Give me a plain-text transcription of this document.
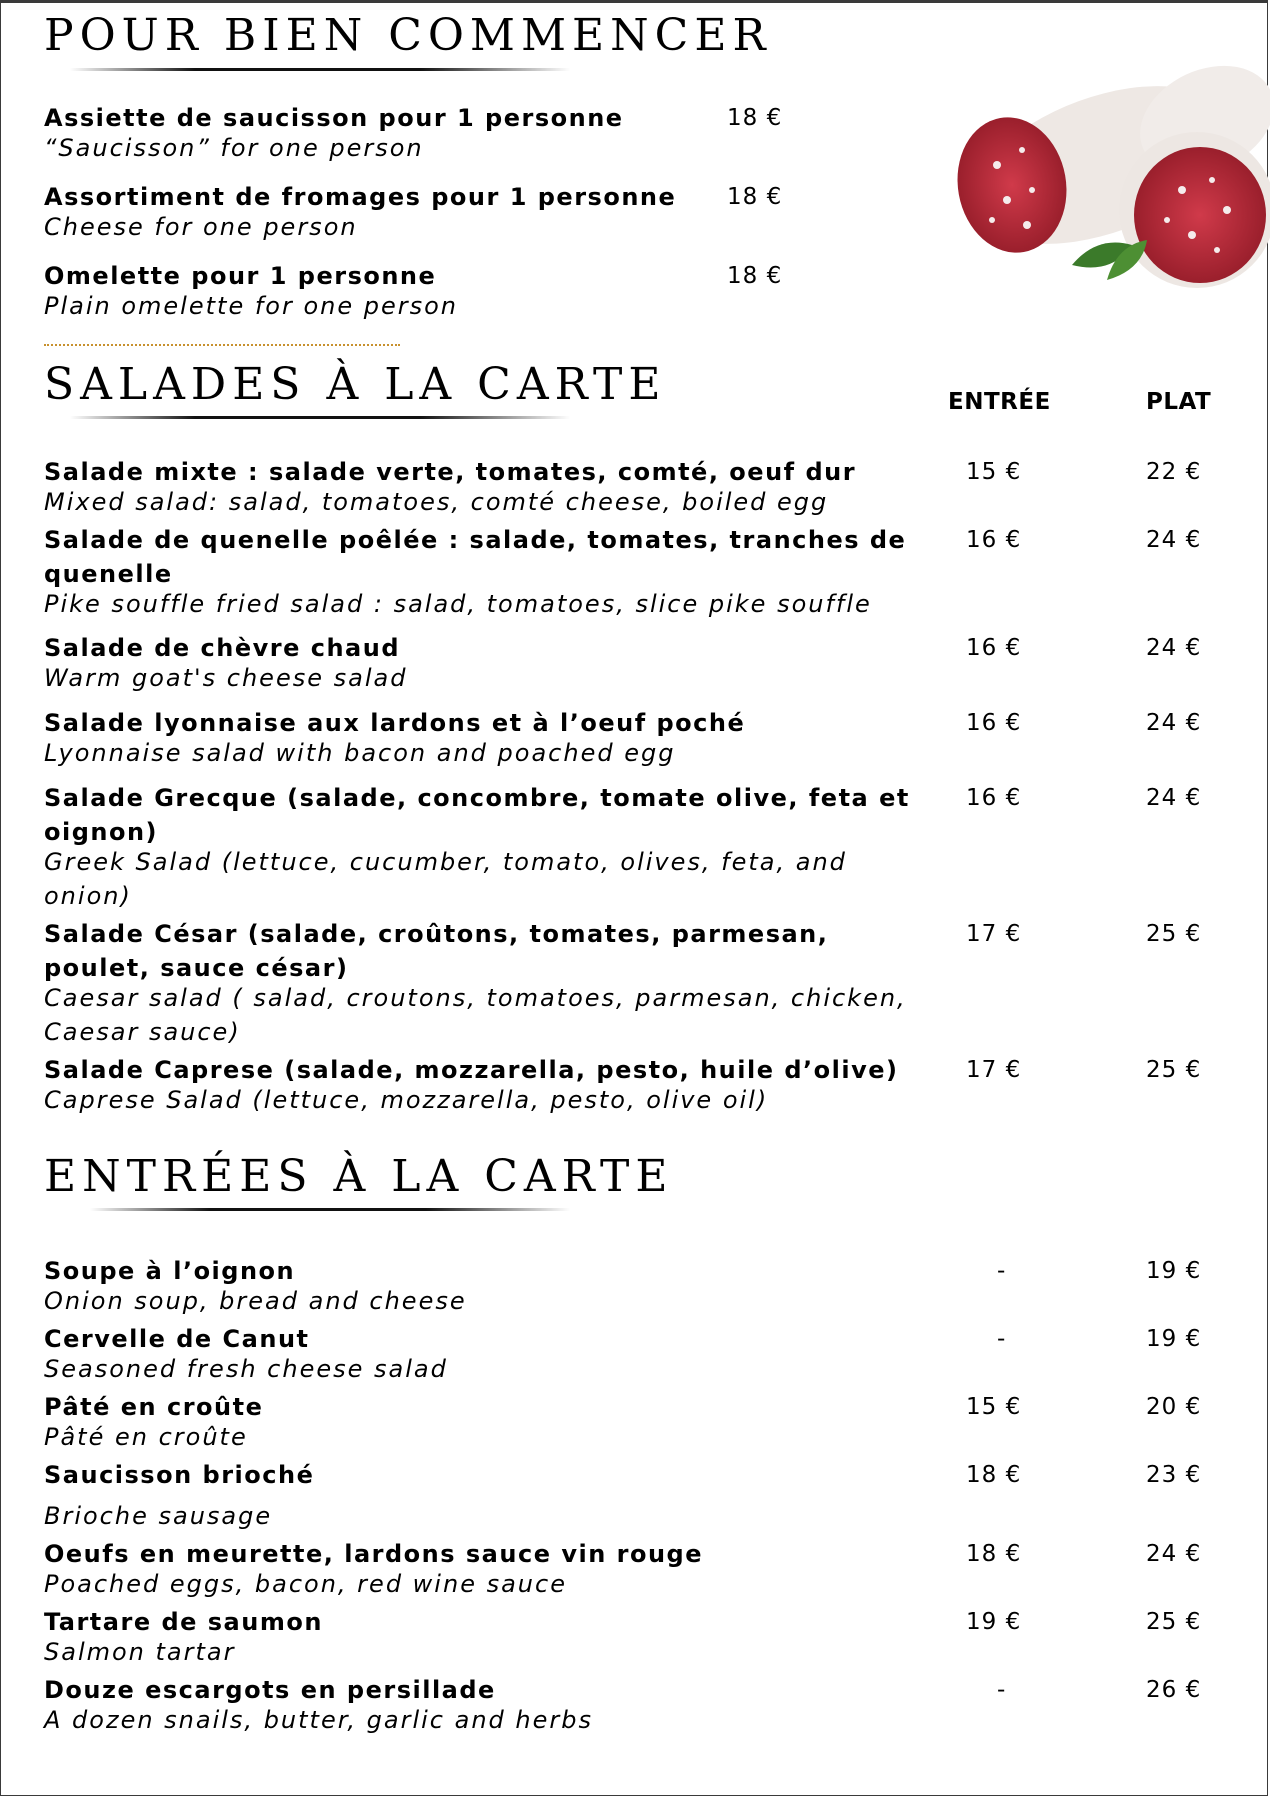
POUR BIEN COMMENCER
Assiette de saucisson pour 1 personne
“Saucisson” for one person
18 €
Assortiment de fromages pour 1 personne
Cheese for one person
18 €
Omelette pour 1 personne
Plain omelette for one person
18 €
SALADES À LA CARTE	ENTRÉE	PLAT
Salade mixte : salade verte, tomates, comté, oeuf dur
Mixed salad: salad, tomatoes, comté cheese, boiled egg
15 €	22 €
Salade de quenelle poêlée : salade, tomates, tranches de quenelle
Pike souffle fried salad : salad, tomatoes, slice pike souffle
16 €	24 €
Salade de chèvre chaud
Warm goat's cheese salad
16 €	24 €
Salade lyonnaise aux lardons et à l’oeuf poché
Lyonnaise salad with bacon and poached egg
16 €	24 €
Salade Grecque (salade, concombre, tomate olive, feta et oignon)
Greek Salad (lettuce, cucumber, tomato, olives, feta, and onion)
16 €	24 €
Salade César (salade, croûtons, tomates, parmesan, poulet, sauce césar)
Caesar salad ( salad, croutons, tomatoes, parmesan, chicken, Caesar sauce)
17 €	25 €
Salade Caprese (salade, mozzarella, pesto, huile d’olive)
Caprese Salad (lettuce, mozzarella, pesto, olive oil)
17 €	25 €
ENTRÉES À LA CARTE
Soupe à l’oignon
Onion soup, bread and cheese
-	19 €
Cervelle de Canut
Seasoned fresh cheese salad
-	19 €
Pâté en croûte
Pâté en croûte
15 €	20 €
Saucisson brioché
Brioche sausage
18 €	23 €
Oeufs en meurette, lardons sauce vin rouge
Poached eggs, bacon, red wine sauce
18 €	24 €
Tartare de saumon
Salmon tartar
19 €	25 €
Douze escargots en persillade
A dozen snails, butter, garlic and herbs
-	26 €
